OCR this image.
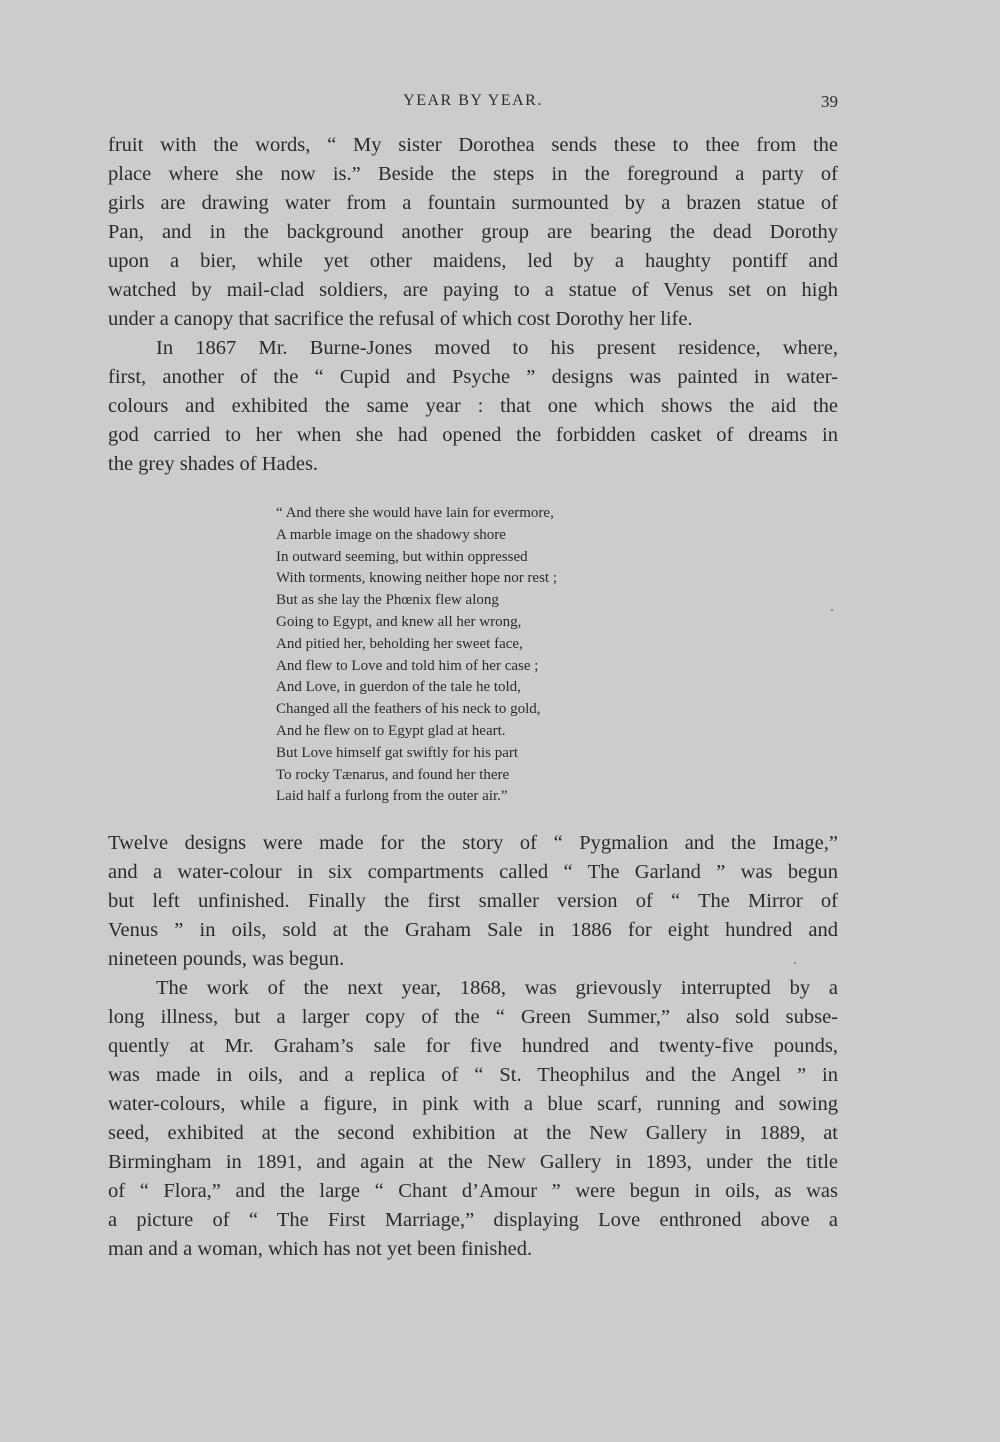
YEAR BY YEAR.	39
fruit with the words, “ My sister Dorothea sends these to thee from the
place where she now is.” Beside the steps in the foreground a party of
girls are drawing water from a fountain surmounted by a brazen statue of
Pan, and in the background another group are bearing the dead Dorothy
upon a bier, while yet other maidens, led by a haughty pontiff and
watched by mail-clad soldiers, are paying to a statue of Venus set on high
under a canopy that sacrifice the refusal of which cost Dorothy her life.
In 1867 Mr. Burne-Jones moved to his present residence, where,
first, another of the “ Cupid and Psyche ” designs was painted in water-
colours and exhibited the same year : that one which shows the aid the
god carried to her when she had opened the forbidden casket of dreams in
the grey shades of Hades.
“ And there she would have lain for evermore,
A marble image on the shadowy shore
In outward seeming, but within oppressed
With torments, knowing neither hope nor rest ;
But as she lay the Phœnix flew along
Going to Egypt, and knew all her wrong,
And pitied her, beholding her sweet face,
And flew to Love and told him of her case ;
And Love, in guerdon of the tale he told,
Changed all the feathers of his neck to gold,
And he flew on to Egypt glad at heart.
But Love himself gat swiftly for his part
To rocky Tænarus, and found her there
Laid half a furlong from the outer air.”
Twelve designs were made for the story of “ Pygmalion and the Image,”
and a water-colour in six compartments called “ The Garland ” was begun
but left unfinished. Finally the first smaller version of “ The Mirror of
Venus ” in oils, sold at the Graham Sale in 1886 for eight hundred and
nineteen pounds, was begun.
The work of the next year, 1868, was grievously interrupted by a
long illness, but a larger copy of the “ Green Summer,” also sold subse-
quently at Mr. Graham’s sale for five hundred and twenty-five pounds,
was made in oils, and a replica of “ St. Theophilus and the Angel ” in
water-colours, while a figure, in pink with a blue scarf, running and sowing
seed, exhibited at the second exhibition at the New Gallery in 1889, at
Birmingham in 1891, and again at the New Gallery in 1893, under the title
of “ Flora,” and the large “ Chant d’Amour ” were begun in oils, as was
a picture of “ The First Marriage,” displaying Love enthroned above a
man and a woman, which has not yet been finished.
